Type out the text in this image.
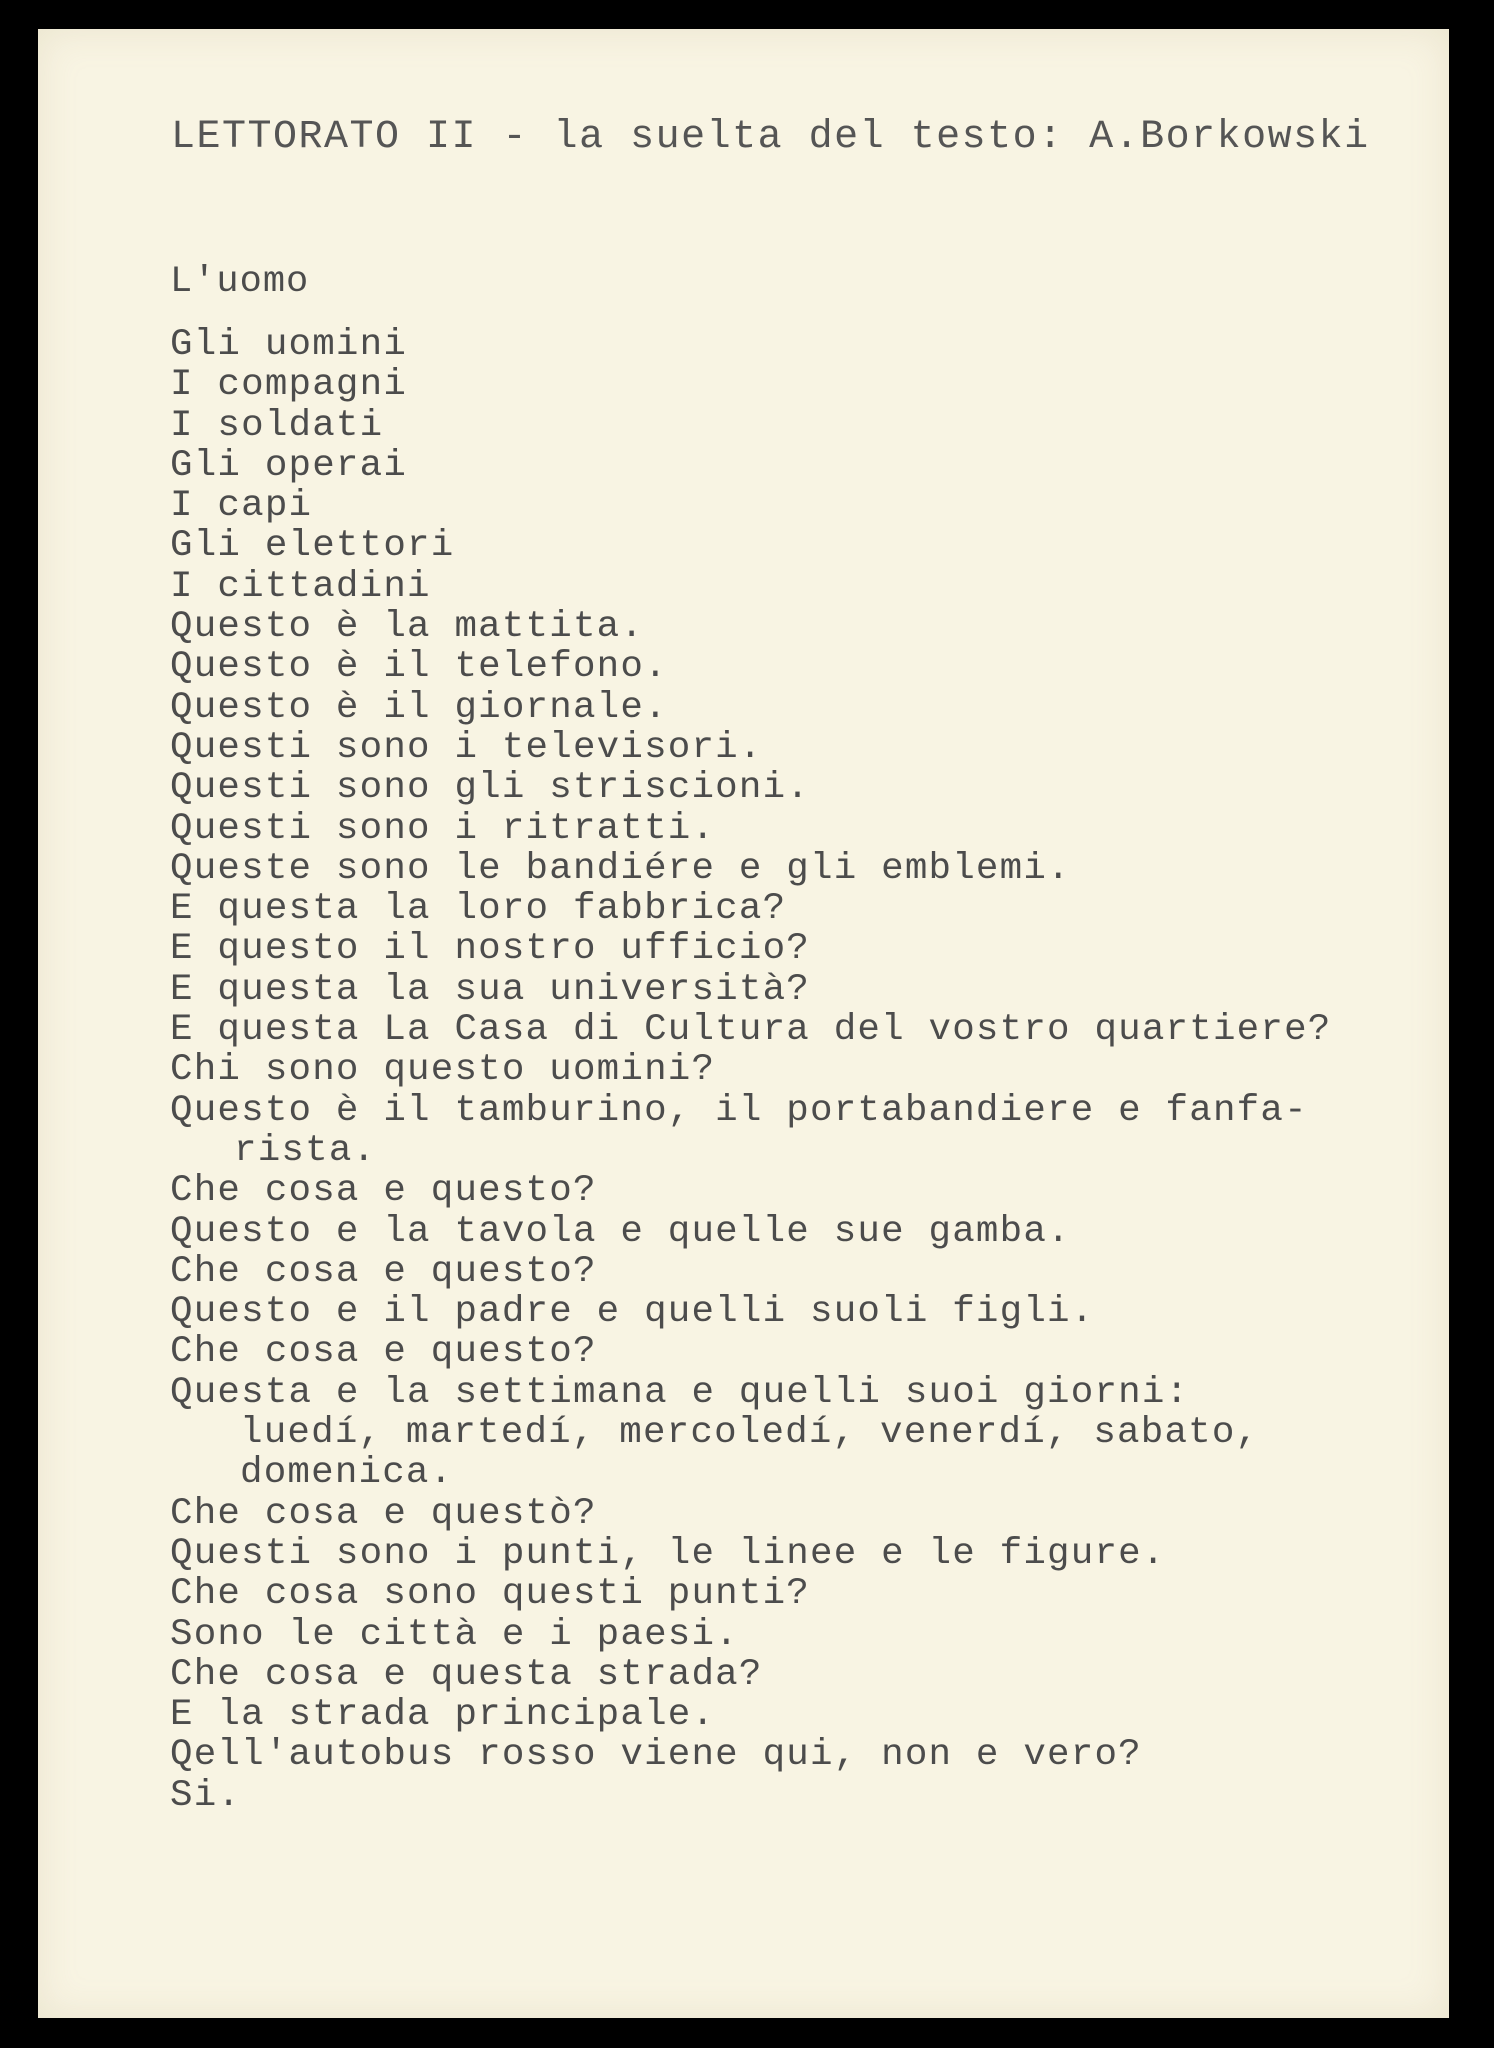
LETTORATO II - la suelta del testo: A.Borkowski
L'uomo
Gli uomini
I compagni
I soldati
Gli operai
I capi
Gli elettori
I cittadini
Questo è la mattita.
Questo è il telefono.
Questo è il giornale.
Questi sono i televisori.
Questi sono gli striscioni.
Questi sono i ritratti.
Queste sono le bandiére e gli emblemi.
E questa la loro fabbrica?
E questo il nostro ufficio?
E questa la sua università?
E questa La Casa di Cultura del vostro quartiere?
Chi sono questo uomini?
Questo è il tamburino, il portabandiere e fanfa-
rista.
Che cosa e questo?
Questo e la tavola e quelle sue gamba.
Che cosa e questo?
Questo e il padre e quelli suoli figli.
Che cosa e questo?
Questa e la settimana e quelli suoi giorni:
luedí, martedí, mercoledí, venerdí, sabato,
domenica.
Che cosa e questò?
Questi sono i punti, le linee e le figure.
Che cosa sono questi punti?
Sono le città e i paesi.
Che cosa e questa strada?
E la strada principale.
Qell'autobus rosso viene qui, non e vero?
Si.
